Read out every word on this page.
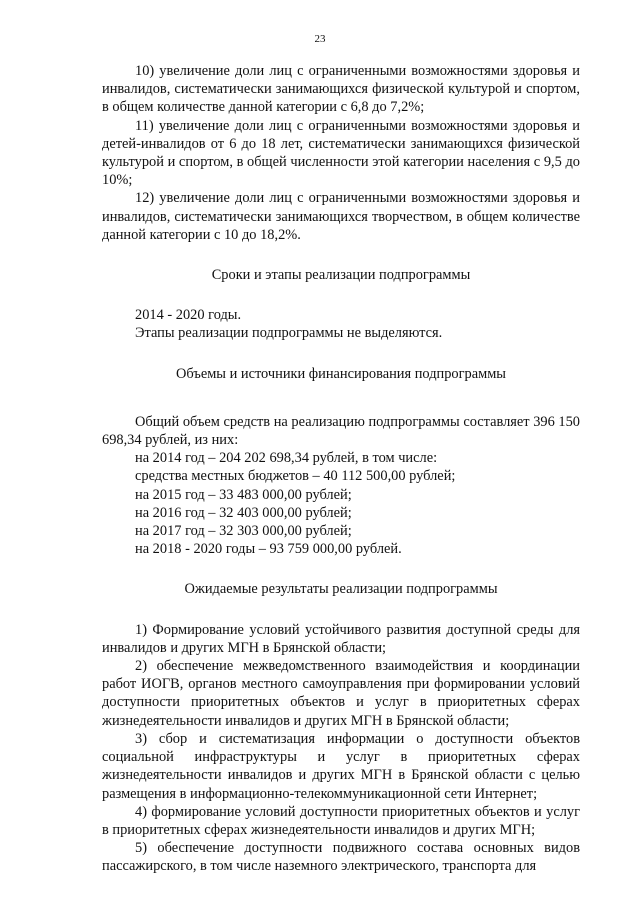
23

10) увеличение доли лиц с ограниченными возможностями здоровья и инвалидов, систематически занимающихся физической культурой и спортом, в общем количестве данной категории с 6,8 до 7,2%;

11) увеличение доли лиц с ограниченными возможностями здоровья и детей-инвалидов от 6 до 18 лет, систематически занимающихся физической культурой и спортом, в общей численности этой категории населения с 9,5 до 10%;

12) увеличение доли лиц с ограниченными возможностями здоровья и инвалидов, систематически занимающихся творчеством, в общем количестве данной категории с 10 до 18,2%.

Сроки и этапы реализации подпрограммы

2014 - 2020 годы.

Этапы реализации подпрограммы не выделяются.

Объемы и источники финансирования подпрограммы

Общий объем средств на реализацию подпрограммы составляет 396 150 698,34 рублей, из них:

на 2014 год – 204 202 698,34 рублей, в том числе:

средства местных бюджетов – 40 112 500,00 рублей;

на 2015 год – 33 483 000,00 рублей;

на 2016 год – 32 403 000,00 рублей;

на 2017 год – 32 303 000,00 рублей;

на 2018 - 2020 годы – 93 759 000,00 рублей.

Ожидаемые результаты реализации подпрограммы

1) Формирование условий устойчивого развития доступной среды для инвалидов и других МГН в Брянской области;

2) обеспечение межведомственного взаимодействия и координации работ ИОГВ, органов местного самоуправления при формировании условий доступности приоритетных объектов и услуг в приоритетных сферах жизнедеятельности инвалидов и других МГН в Брянской области;

3) сбор и систематизация информации о доступности объектов социальной инфраструктуры и услуг в приоритетных сферах жизнедеятельности инвалидов и других МГН в Брянской области с целью размещения в информационно-телекоммуникационной сети Интернет;

4) формирование условий доступности приоритетных объектов и услуг в приоритетных сферах жизнедеятельности инвалидов и других МГН;

5) обеспечение доступности подвижного состава основных видов пассажирского, в том числе наземного электрического, транспорта для
